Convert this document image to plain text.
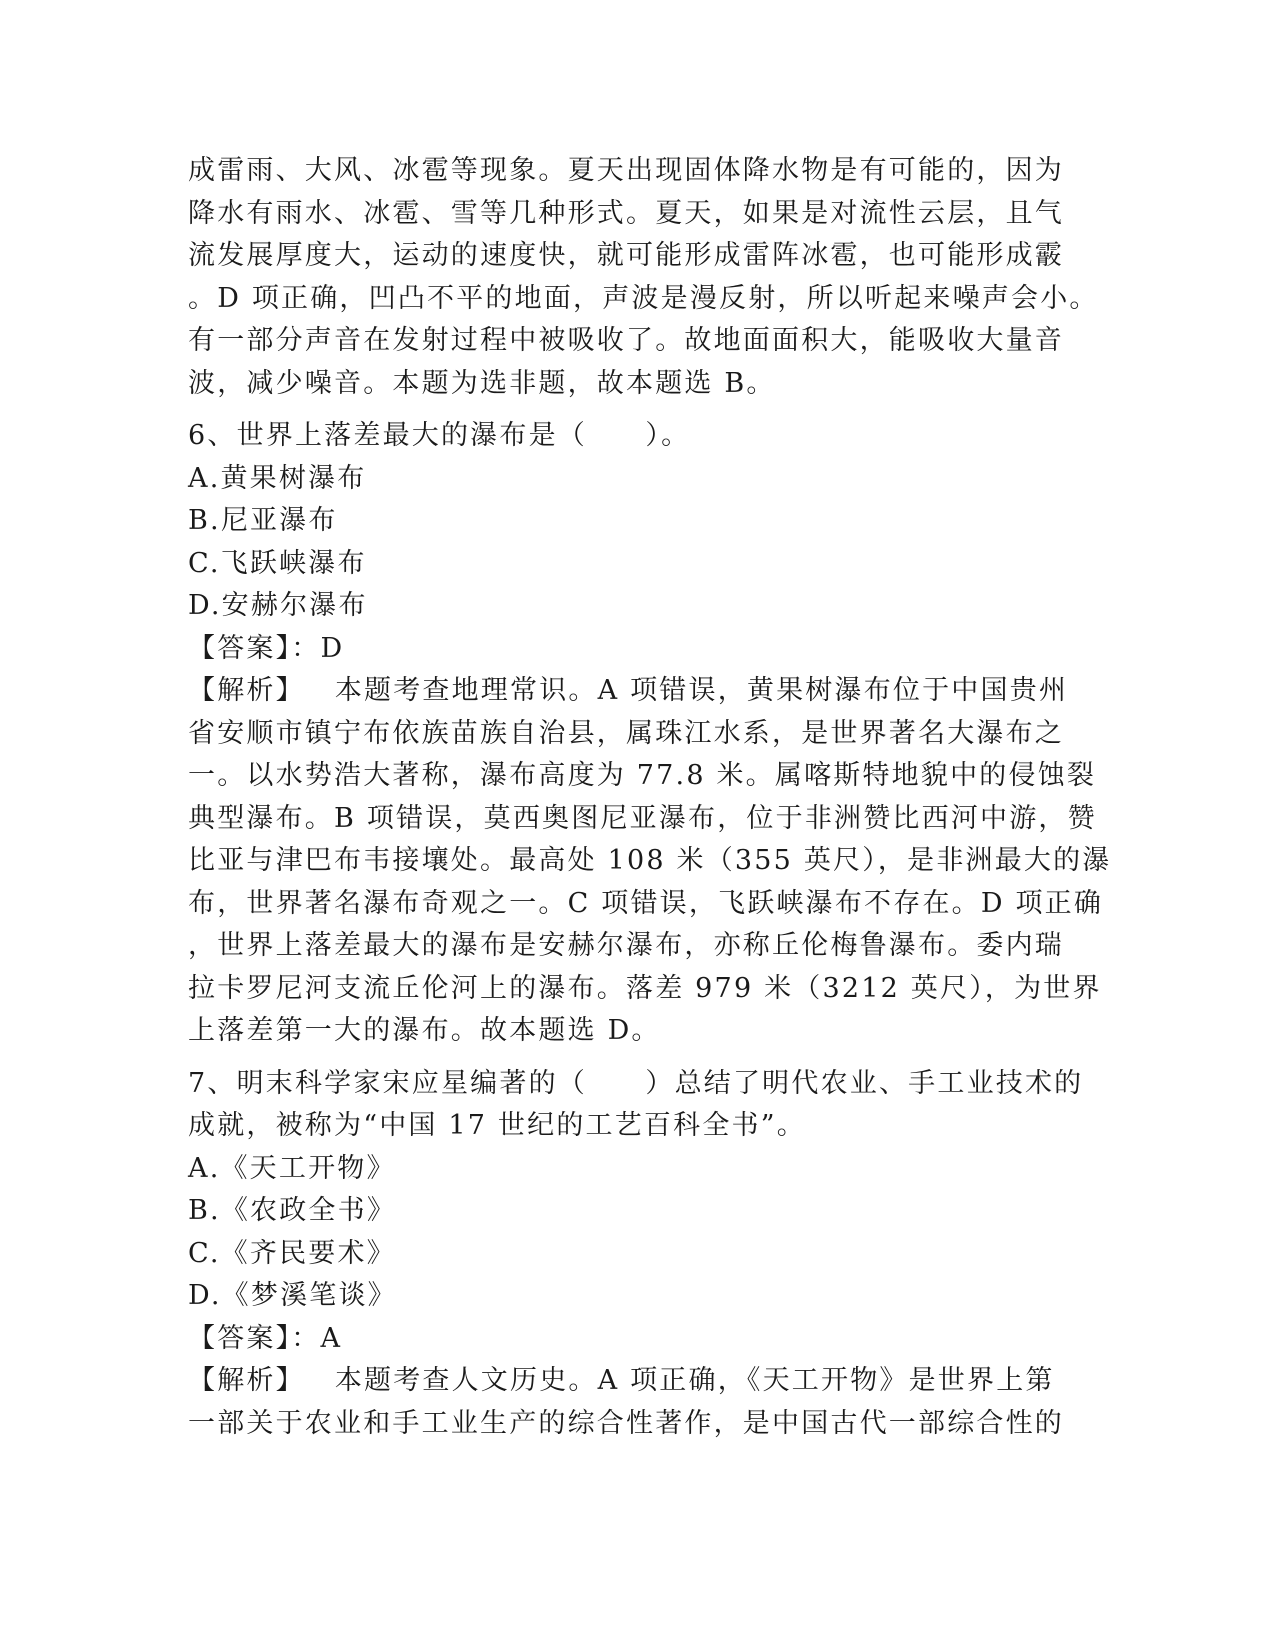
成雷雨、大风、冰雹等现象。夏天出现固体降水物是有可能的，因为
降水有雨水、冰雹、雪等几种形式。夏天，如果是对流性云层，且气
流发展厚度大，运动的速度快，就可能形成雷阵冰雹，也可能形成霰
。D 项正确，凹凸不平的地面，声波是漫反射，所以听起来噪声会小。
有一部分声音在发射过程中被吸收了。故地面面积大，能吸收大量音
波，减少噪音。本题为选非题，故本题选 B。
6、世界上落差最大的瀑布是（　　）。
A.黄果树瀑布
B.尼亚瀑布
C.飞跃峡瀑布
D.安赫尔瀑布
【答案】：D
【解析】 本题考查地理常识。A 项错误，黄果树瀑布位于中国贵州
省安顺市镇宁布依族苗族自治县，属珠江水系，是世界著名大瀑布之
一。以水势浩大著称，瀑布高度为 77.8 米。属喀斯特地貌中的侵蚀裂
典型瀑布。B 项错误，莫西奥图尼亚瀑布，位于非洲赞比西河中游，赞
比亚与津巴布韦接壤处。最高处 108 米（355 英尺），是非洲最大的瀑
布，世界著名瀑布奇观之一。C 项错误，飞跃峡瀑布不存在。D 项正确
，世界上落差最大的瀑布是安赫尔瀑布，亦称丘伦梅鲁瀑布。委内瑞
拉卡罗尼河支流丘伦河上的瀑布。落差 979 米（3212 英尺），为世界
上落差第一大的瀑布。故本题选 D。
7、明末科学家宋应星编著的（　　）总结了明代农业、手工业技术的
成就，被称为“中国 17 世纪的工艺百科全书”。
A.《天工开物》
B.《农政全书》
C.《齐民要术》
D.《梦溪笔谈》
【答案】：A
【解析】 本题考查人文历史。A 项正确，《天工开物》是世界上第
一部关于农业和手工业生产的综合性著作，是中国古代一部综合性的
